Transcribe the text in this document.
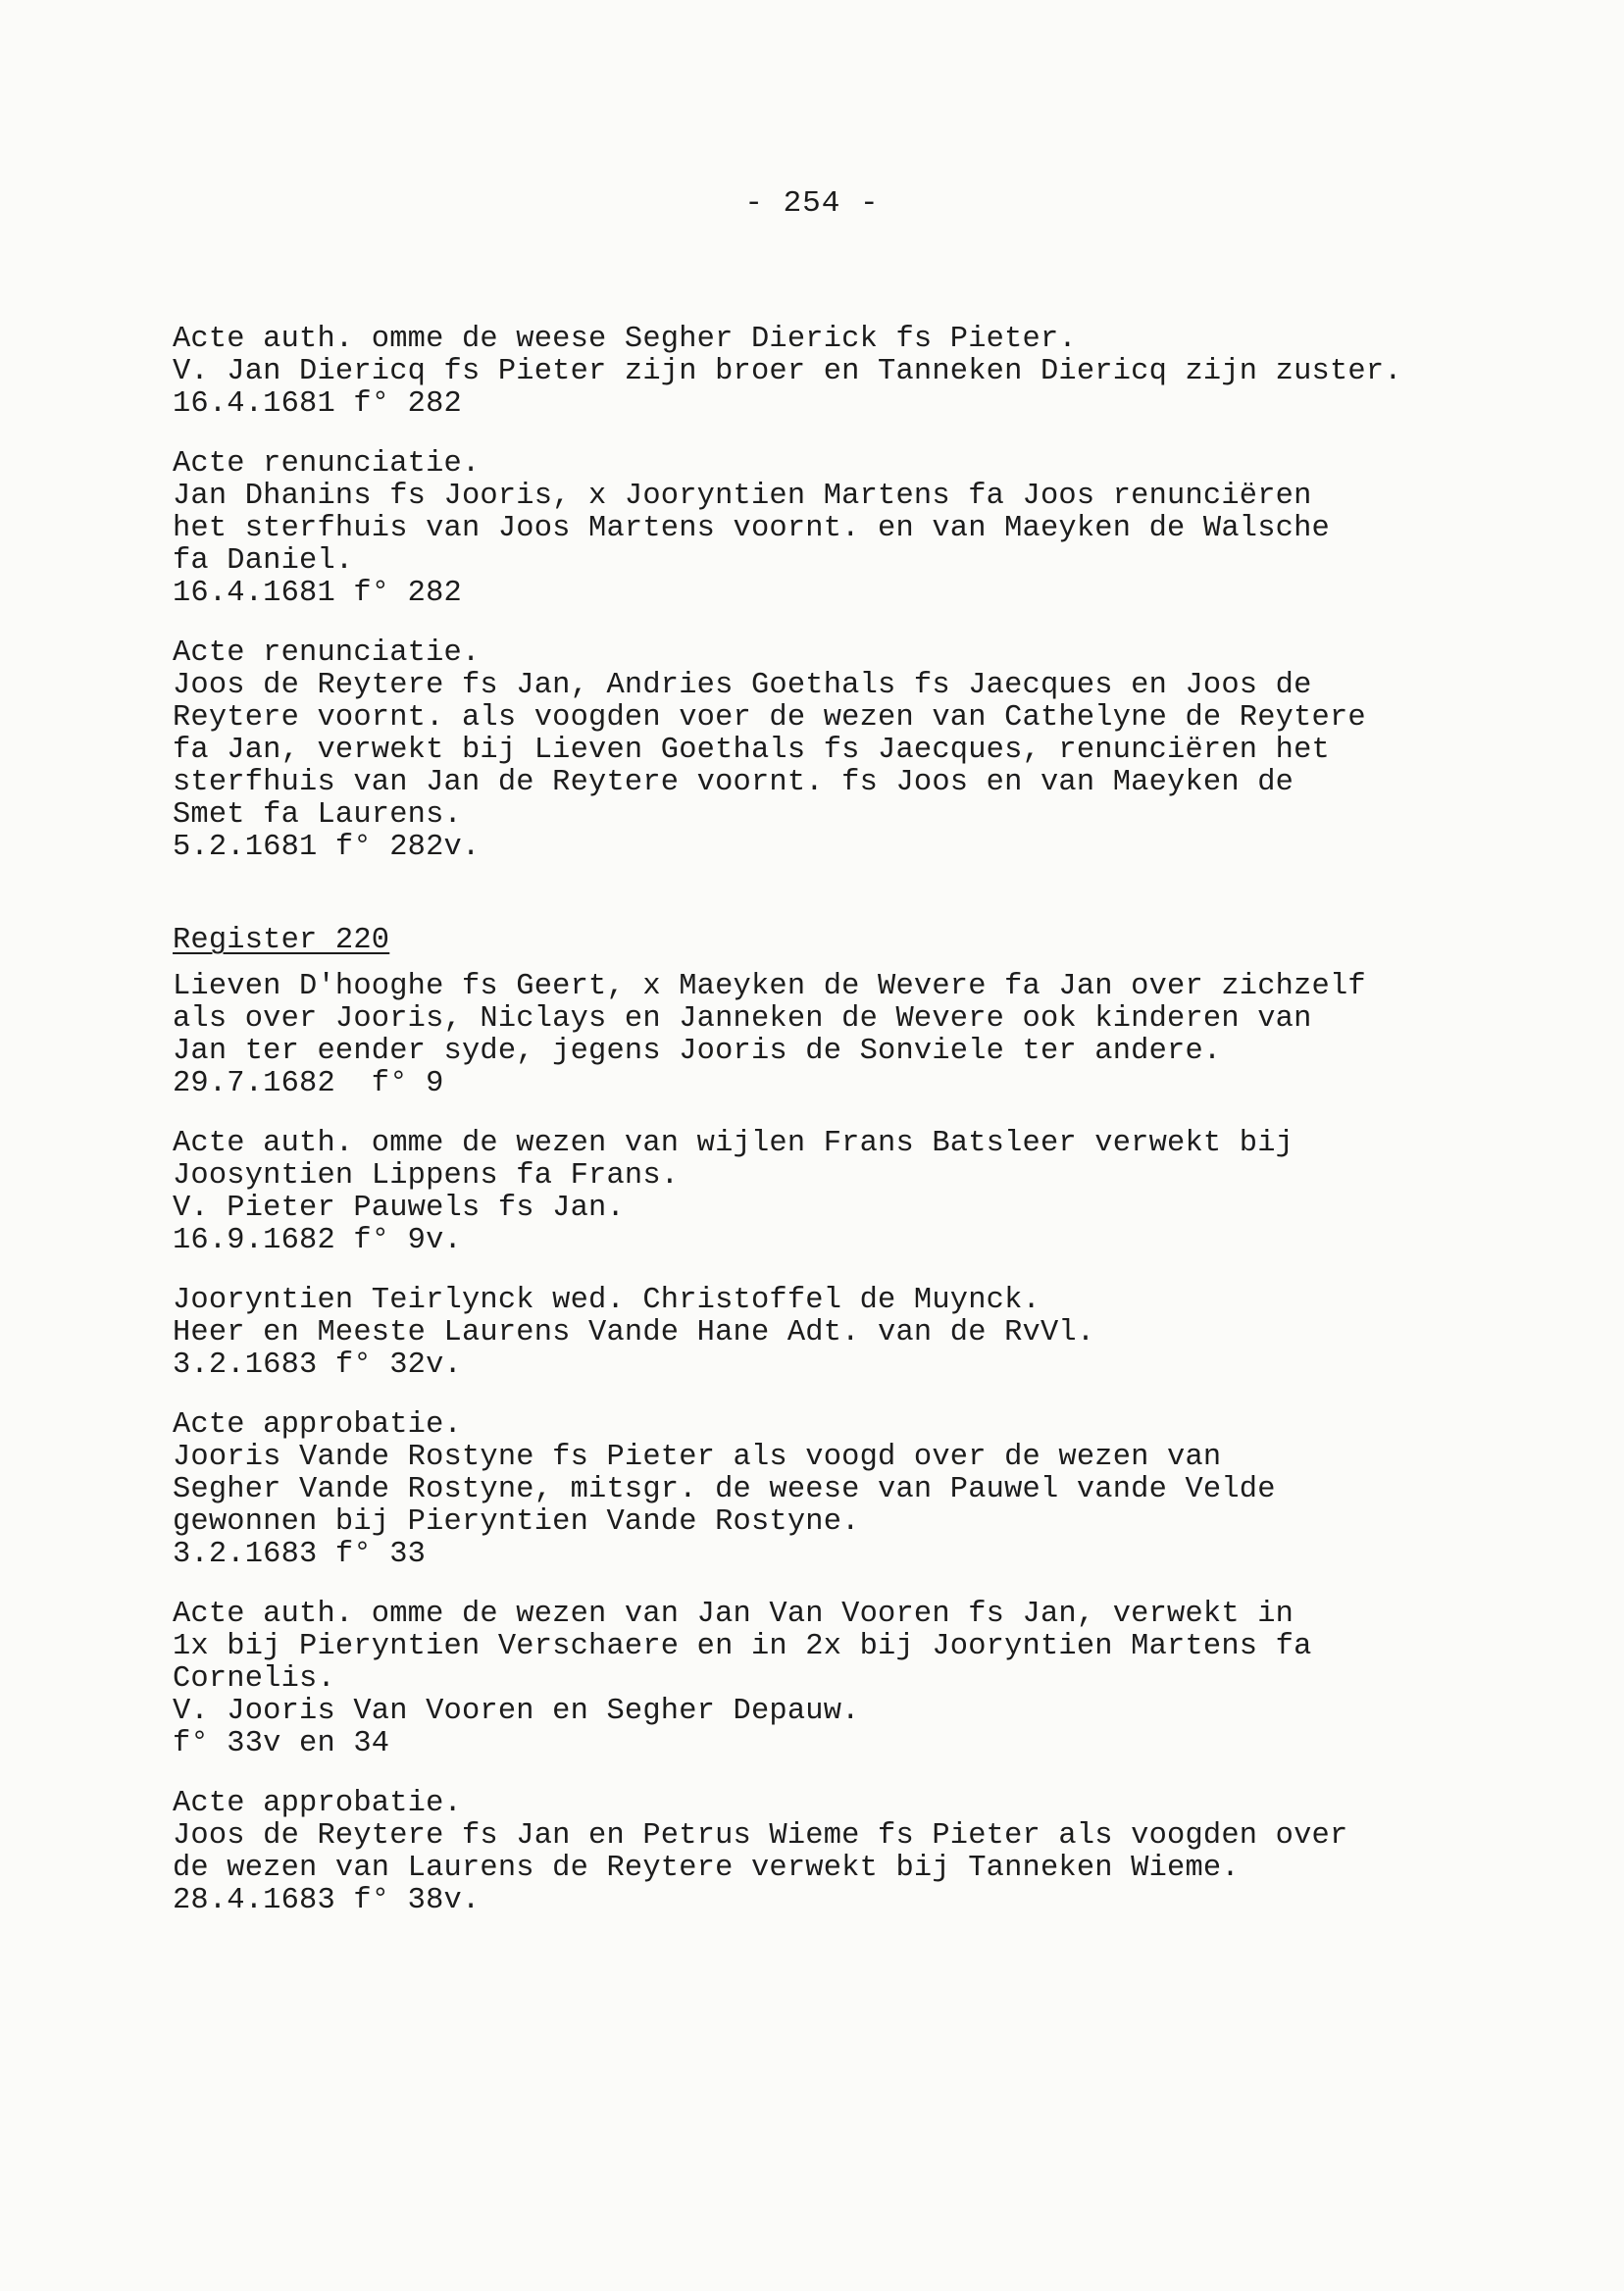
- 254 -
Acte auth. omme de weese Segher Dierick fs Pieter.
V. Jan Diericq fs Pieter zijn broer en Tanneken Diericq zijn zuster.
16.4.1681 f° 282
Acte renunciatie.
Jan Dhanins fs Jooris, x Jooryntien Martens fa Joos renunciëren
het sterfhuis van Joos Martens voornt. en van Maeyken de Walsche
fa Daniel.
16.4.1681 f° 282
Acte renunciatie.
Joos de Reytere fs Jan, Andries Goethals fs Jaecques en Joos de
Reytere voornt. als voogden voer de wezen van Cathelyne de Reytere
fa Jan, verwekt bij Lieven Goethals fs Jaecques, renunciëren het
sterfhuis van Jan de Reytere voornt. fs Joos en van Maeyken de
Smet fa Laurens.
5.2.1681 f° 282v.
Register 220
Lieven D'hooghe fs Geert, x Maeyken de Wevere fa Jan over zichzelf
als over Jooris, Niclays en Janneken de Wevere ook kinderen van
Jan ter eender syde, jegens Jooris de Sonviele ter andere.
29.7.1682  f° 9
Acte auth. omme de wezen van wijlen Frans Batsleer verwekt bij
Joosyntien Lippens fa Frans.
V. Pieter Pauwels fs Jan.
16.9.1682 f° 9v.
Jooryntien Teirlynck wed. Christoffel de Muynck.
Heer en Meeste Laurens Vande Hane Adt. van de RvVl.
3.2.1683 f° 32v.
Acte approbatie.
Jooris Vande Rostyne fs Pieter als voogd over de wezen van
Segher Vande Rostyne, mitsgr. de weese van Pauwel vande Velde
gewonnen bij Pieryntien Vande Rostyne.
3.2.1683 f° 33
Acte auth. omme de wezen van Jan Van Vooren fs Jan, verwekt in
1x bij Pieryntien Verschaere en in 2x bij Jooryntien Martens fa
Cornelis.
V. Jooris Van Vooren en Segher Depauw.
f° 33v en 34
Acte approbatie.
Joos de Reytere fs Jan en Petrus Wieme fs Pieter als voogden over
de wezen van Laurens de Reytere verwekt bij Tanneken Wieme.
28.4.1683 f° 38v.
